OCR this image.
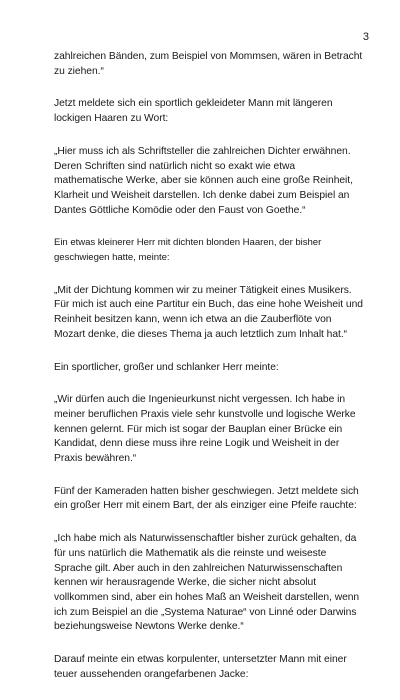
3

zahlreichen Bänden, zum Beispiel von Mommsen, wären in Betracht zu ziehen.“

Jetzt meldete sich ein sportlich gekleideter Mann mit längeren lockigen Haaren zu Wort:

„Hier muss ich als Schriftsteller die zahlreichen Dichter erwähnen. Deren Schriften sind natürlich nicht so exakt wie etwa mathematische Werke, aber sie können auch eine große Reinheit, Klarheit und Weisheit darstellen. Ich denke dabei zum Beispiel an Dantes Göttliche Komödie oder den Faust von Goethe.“

Ein etwas kleinerer Herr mit dichten blonden Haaren, der bisher geschwiegen hatte, meinte:

„Mit der Dichtung kommen wir zu meiner Tätigkeit eines Musikers. Für mich ist auch eine Partitur ein Buch, das eine hohe Weisheit und Reinheit besitzen kann, wenn ich etwa an die Zauberflöte von Mozart denke, die dieses Thema ja auch letztlich zum Inhalt hat.“

Ein sportlicher, großer und schlanker Herr meinte:

„Wir dürfen auch die Ingenieurkunst nicht vergessen. Ich habe in meiner beruflichen Praxis viele sehr kunstvolle und logische Werke kennen gelernt. Für mich ist sogar der Bauplan einer Brücke ein Kandidat, denn diese muss ihre reine Logik und Weisheit in der Praxis bewähren.“

Fünf der Kameraden hatten bisher geschwiegen. Jetzt meldete sich ein großer Herr mit einem Bart, der als einziger eine Pfeife rauchte:

„Ich habe mich als Naturwissenschaftler bisher zurück gehalten, da für uns natürlich die Mathematik als die reinste und weiseste Sprache gilt. Aber auch in den zahlreichen Naturwissenschaften kennen wir herausragende Werke, die sicher nicht absolut vollkommen sind, aber ein hohes Maß an Weisheit darstellen, wenn ich zum Beispiel an die „Systema Naturae“ von Linné oder Darwins beziehungsweise Newtons Werke denke.“

Darauf meinte ein etwas korpulenter, untersetzter Mann mit einer teuer aussehenden orangefarbenen Jacke:
